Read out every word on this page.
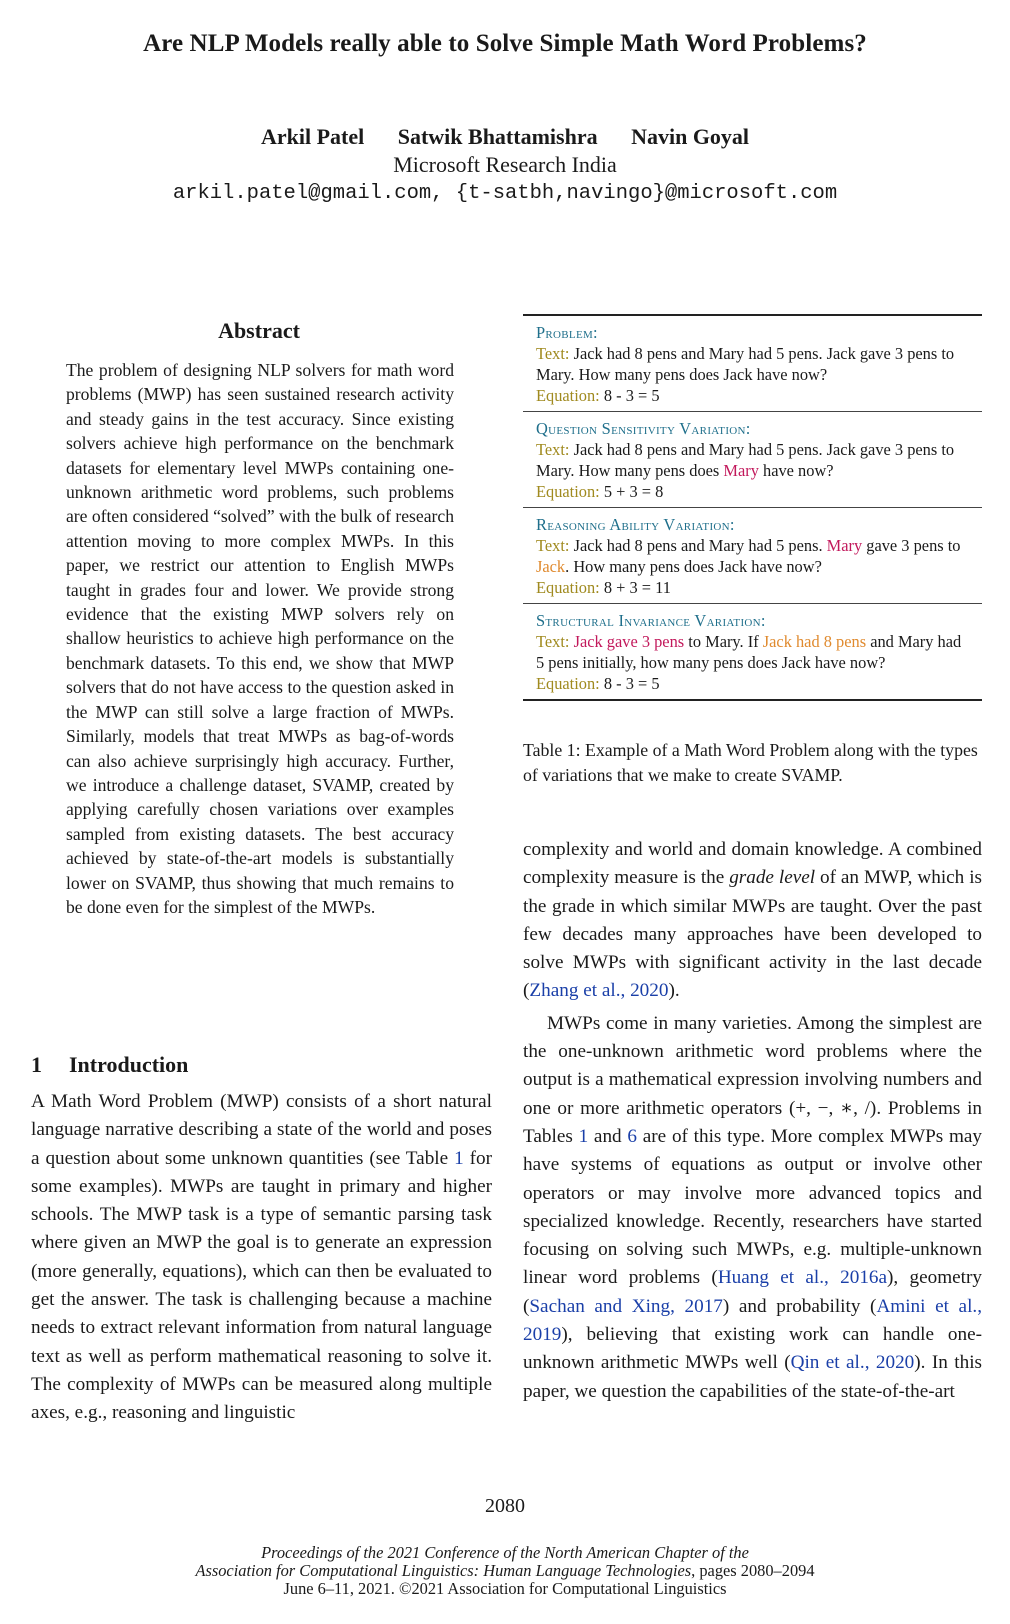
Are NLP Models really able to Solve Simple Math Word Problems?
Arkil Patel Satwik Bhattamishra Navin Goyal
Microsoft Research India
arkil.patel@gmail.com, {t-satbh,navingo}@microsoft.com
Abstract
The problem of designing NLP solvers for math word problems (MWP) has seen sustained research activity and steady gains in the test accuracy. Since existing solvers achieve high performance on the benchmark datasets for elementary level MWPs containing one-unknown arithmetic word problems, such problems are often considered “solved” with the bulk of research attention moving to more complex MWPs. In this paper, we restrict our attention to English MWPs taught in grades four and lower. We provide strong evidence that the existing MWP solvers rely on shallow heuristics to achieve high performance on the benchmark datasets. To this end, we show that MWP solvers that do not have access to the question asked in the MWP can still solve a large fraction of MWPs. Similarly, models that treat MWPs as bag-of-words can also achieve surprisingly high accuracy. Further, we introduce a challenge dataset, SVAMP, created by applying carefully chosen variations over examples sampled from existing datasets. The best accuracy achieved by state-of-the-art models is substantially lower on SVAMP, thus showing that much remains to be done even for the simplest of the MWPs.
1 Introduction
A Math Word Problem (MWP) consists of a short natural language narrative describing a state of the world and poses a question about some unknown quantities (see Table 1 for some examples). MWPs are taught in primary and higher schools. The MWP task is a type of semantic parsing task where given an MWP the goal is to generate an expression (more generally, equations), which can then be evaluated to get the answer. The task is challenging because a machine needs to extract relevant information from natural language text as well as perform mathematical reasoning to solve it. The complexity of MWPs can be measured along multiple axes, e.g., reasoning and linguistic
Problem:
Text: Jack had 8 pens and Mary had 5 pens. Jack gave 3 pens to Mary. How many pens does Jack have now?
Equation: 8 - 3 = 5
Question Sensitivity Variation:
Text: Jack had 8 pens and Mary had 5 pens. Jack gave 3 pens to Mary. How many pens does Mary have now?
Equation: 5 + 3 = 8
Reasoning Ability Variation:
Text: Jack had 8 pens and Mary had 5 pens. Mary gave 3 pens to Jack. How many pens does Jack have now?
Equation: 8 + 3 = 11
Structural Invariance Variation:
Text: Jack gave 3 pens to Mary. If Jack had 8 pens and Mary had 5 pens initially, how many pens does Jack have now?
Equation: 8 - 3 = 5
Table 1: Example of a Math Word Problem along with the types of variations that we make to create SVAMP.

complexity and world and domain knowledge. A combined complexity measure is the grade level of an MWP, which is the grade in which similar MWPs are taught. Over the past few decades many approaches have been developed to solve MWPs with significant activity in the last decade (Zhang et al., 2020).

MWPs come in many varieties. Among the simplest are the one-unknown arithmetic word problems where the output is a mathematical expression involving numbers and one or more arithmetic operators (+, −, ∗, /). Problems in Tables 1 and 6 are of this type. More complex MWPs may have systems of equations as output or involve other operators or may involve more advanced topics and specialized knowledge. Recently, researchers have started focusing on solving such MWPs, e.g. multiple-unknown linear word problems (Huang et al., 2016a), geometry (Sachan and Xing, 2017) and probability (Amini et al., 2019), believing that existing work can handle one-unknown arithmetic MWPs well (Qin et al., 2020). In this paper, we question the capabilities of the state-of-the-art

2080
Proceedings of the 2021 Conference of the North American Chapter of the
Association for Computational Linguistics: Human Language Technologies, pages 2080–2094
June 6–11, 2021. ©2021 Association for Computational Linguistics
